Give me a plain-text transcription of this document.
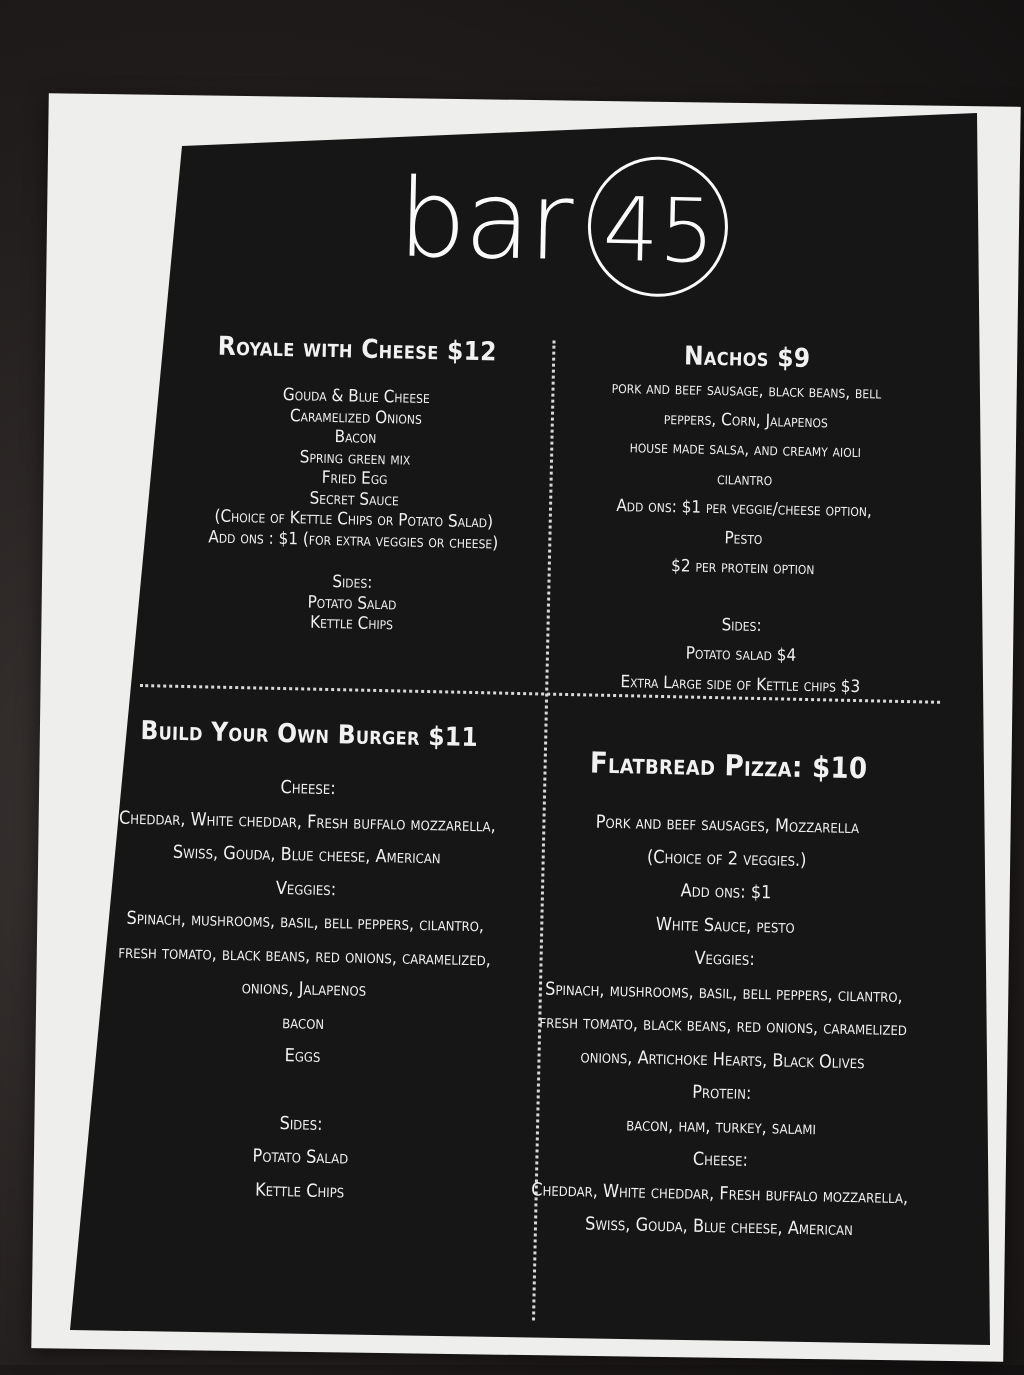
bar 45
Royale with Cheese $12

Gouda & Blue Cheese

Caramelized Onions

Bacon

Spring green mix

Fried Egg

Secret Sauce

(Choice of Kettle Chips or Potato Salad)

Add ons : $1 (for extra veggies or cheese)

Sides:

Potato Salad

Kettle Chips

Nachos $9

pork and beef sausage, black beans, bell

peppers, Corn, Jalapenos

house made salsa, and creamy aioli

cilantro

Add ons: $1 per veggie/cheese option,

Pesto

$2 per protein option

Sides:

Potato salad $4

Extra Large side of Kettle chips $3

Build Your Own Burger $11

Cheese:

Cheddar, White cheddar, Fresh buffalo mozzarella,

Swiss, Gouda, Blue cheese, American

Veggies:

Spinach, mushrooms, basil, bell peppers, cilantro,

fresh tomato, black beans, red onions, caramelized,

onions, Jalapenos

bacon

Eggs

Sides:

Potato Salad

Kettle Chips

Flatbread Pizza: $10

Pork and beef sausages, Mozzarella

(Choice of 2 veggies.)

Add ons: $1

White Sauce, pesto

Veggies:

Spinach, mushrooms, basil, bell peppers, cilantro,

fresh tomato, black beans, red onions, caramelized

onions, Artichoke Hearts, Black Olives

Protein:

bacon, ham, turkey, salami

Cheese:

Cheddar, White cheddar, Fresh buffalo mozzarella,

Swiss, Gouda, Blue cheese, American
